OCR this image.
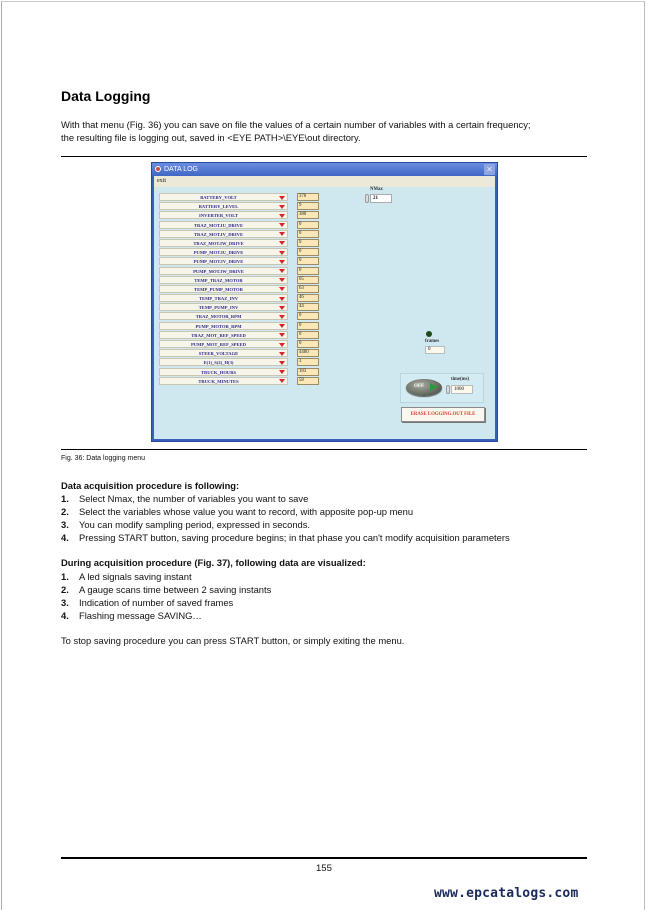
Data Logging
With that menu (Fig. 36) you can save on file the values of a certain number of variables with a certain frequency;
the resulting file is logging out, saved in <EYE PATH>\EYE\out directory.
DATA LOG	✕
exit
BATTERY_VOLT	376
BATTERY_LEVEL	9
INVERTER_VOLT	380
TRAZ_MOT.IU_DRIVE	0
TRAZ_MOT.IV_DRIVE	0
TRAZ_MOT.IW_DRIVE	0
PUMP_MOT.IU_DRIVE	0
PUMP_MOT.IV_DRIVE	0
PUMP_MOT.IW_DRIVE	0
TEMP_TRAZ_MOTOR	65
TEMP_PUMP_MOTOR	63
TEMP_TRAZ_INV	46
TEMP_PUMP_INV	44
TRAZ_MOTOR_RPM	0
PUMP_MOTOR_RPM	0
TRAZ_MOT_REF_SPEED	0
PUMP_MOT_REF_SPEED	0
STEER_VOLTAGE	4480
E(1)_S(2)_H(3)	3
TRUCK_HOURS	183
TRUCK_MINUTES	58
NMax
21
frames
0
OFF
time(ms)
1000
ERASE LOGGING.OUT FILE
Fig. 36: Data logging menu
Data acquisition procedure is following:
1. Select Nmax, the number of variables you want to save
2. Select the variables whose value you want to record, with apposite pop-up menu
3. You can modify sampling period, expressed in seconds.
4. Pressing START button, saving procedure begins; in that phase you can't modify acquisition parameters
During acquisition procedure (Fig. 37), following data are visualized:
1. A led signals saving instant
2. A gauge scans time between 2 saving instants
3. Indication of number of saved frames
4. Flashing message SAVING…
To stop saving procedure you can press START button, or simply exiting the menu.
155
www.epcatalogs.com
